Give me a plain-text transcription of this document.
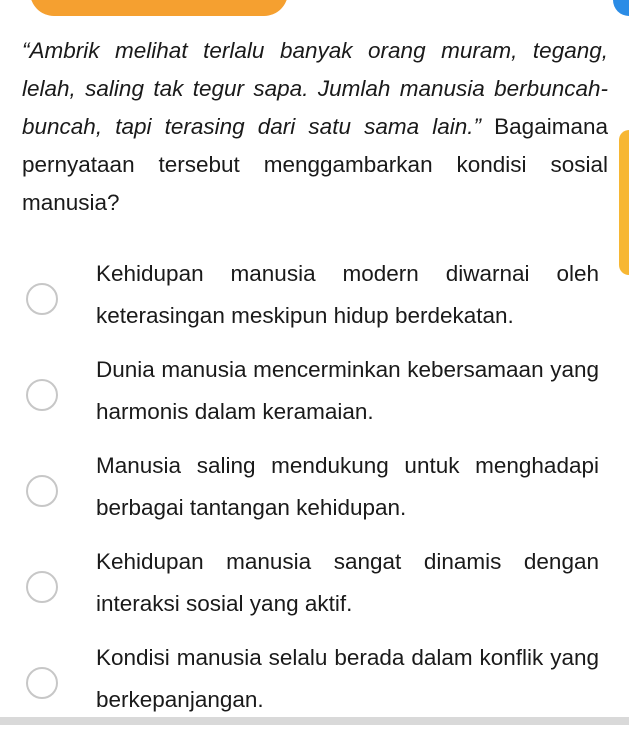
“Ambrik melihat terlalu banyak orang muram, tegang, lelah, saling tak tegur sapa. Jumlah manusia berbuncah-buncah, tapi terasing dari satu sama lain.” Bagaimana pernyataan tersebut menggambarkan kondisi sosial manusia?
Kehidupan manusia modern diwarnai oleh keterasingan meskipun hidup berdekatan.
Dunia manusia mencerminkan kebersamaan yang harmonis dalam keramaian.
Manusia saling mendukung untuk menghadapi berbagai tantangan kehidupan.
Kehidupan manusia sangat dinamis dengan interaksi sosial yang aktif.
Kondisi manusia selalu berada dalam konflik yang berkepanjangan.
